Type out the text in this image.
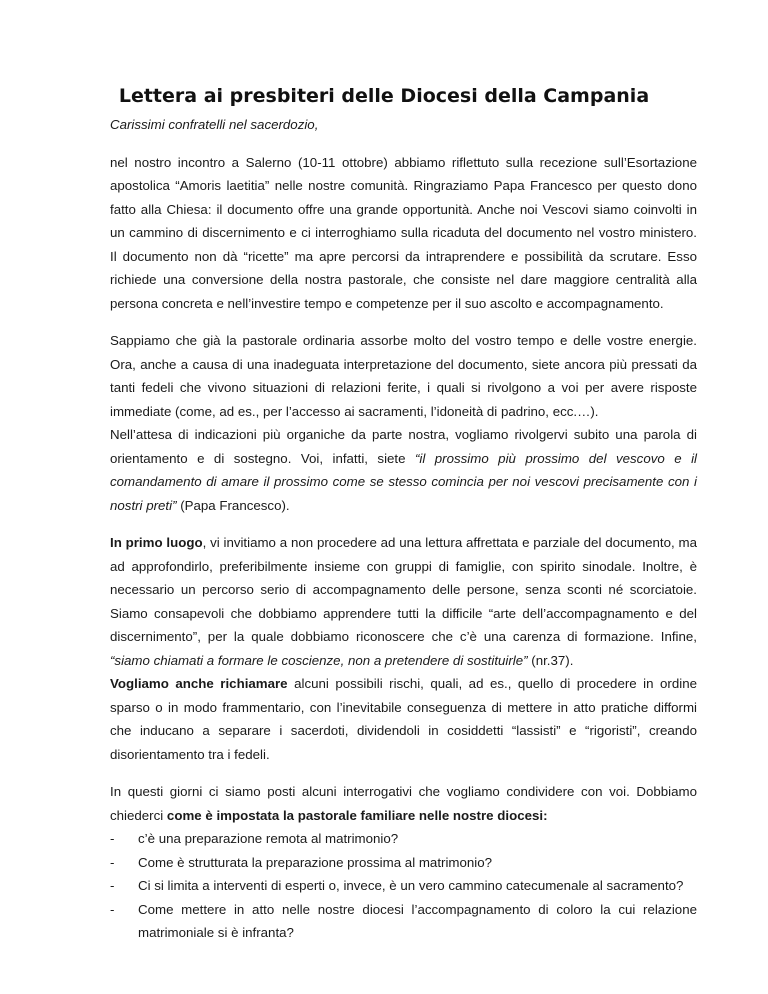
Lettera ai presbiteri delle Diocesi della Campania

Carissimi confratelli nel sacerdozio,

nel nostro incontro a Salerno (10-11 ottobre) abbiamo riflettuto sulla recezione sull’Esortazione apostolica “Amoris laetitia” nelle nostre comunità. Ringraziamo Papa Francesco per questo dono fatto alla Chiesa: il documento offre una grande opportunità. Anche noi Vescovi siamo coinvolti in un cammino di discernimento e ci interroghiamo sulla ricaduta del documento nel vostro ministero. Il documento non dà “ricette” ma apre percorsi da intraprendere e possibilità da scrutare. Esso richiede una conversione della nostra pastorale, che consiste nel dare maggiore centralità alla persona concreta e nell’investire tempo e competenze per il suo ascolto e accompagnamento.

Sappiamo che già la pastorale ordinaria assorbe molto del vostro tempo e delle vostre energie. Ora, anche a causa di una inadeguata interpretazione del documento, siete ancora più pressati da tanti fedeli che vivono situazioni di relazioni ferite, i quali si rivolgono a voi per avere risposte immediate (come, ad es., per l’accesso ai sacramenti, l’idoneità di padrino, ecc.…).

Nell’attesa di indicazioni più organiche da parte nostra, vogliamo rivolgervi subito una parola di orientamento e di sostegno. Voi, infatti, siete “il prossimo più prossimo del vescovo e il comandamento di amare il prossimo come se stesso comincia per noi vescovi precisamente con i nostri preti” (Papa Francesco).

In primo luogo, vi invitiamo a non procedere ad una lettura affrettata e parziale del documento, ma ad approfondirlo, preferibilmente insieme con gruppi di famiglie, con spirito sinodale. Inoltre, è necessario un percorso serio di accompagnamento delle persone, senza sconti né scorciatoie. Siamo consapevoli che dobbiamo apprendere tutti la difficile “arte dell’accompagnamento e del discernimento”, per la quale dobbiamo riconoscere che c’è una carenza di formazione. Infine, “siamo chiamati a formare le coscienze, non a pretendere di sostituirle” (nr.37).

Vogliamo anche richiamare alcuni possibili rischi, quali, ad es., quello di procedere in ordine sparso o in modo frammentario, con l’inevitabile conseguenza di mettere in atto pratiche difformi che inducano a separare i sacerdoti, dividendoli in cosiddetti “lassisti” e “rigoristi”, creando disorientamento tra i fedeli.

In questi giorni ci siamo posti alcuni interrogativi che vogliamo condividere con voi. Dobbiamo chiederci come è impostata la pastorale familiare nelle nostre diocesi:

-	c’è una preparazione remota al matrimonio?
-	Come è strutturata la preparazione prossima al matrimonio?
-	Ci si limita a interventi di esperti o, invece, è un vero cammino catecumenale al sacramento?
-	Come mettere in atto nelle nostre diocesi l’accompagnamento di coloro la cui relazione matrimoniale si è infranta?
